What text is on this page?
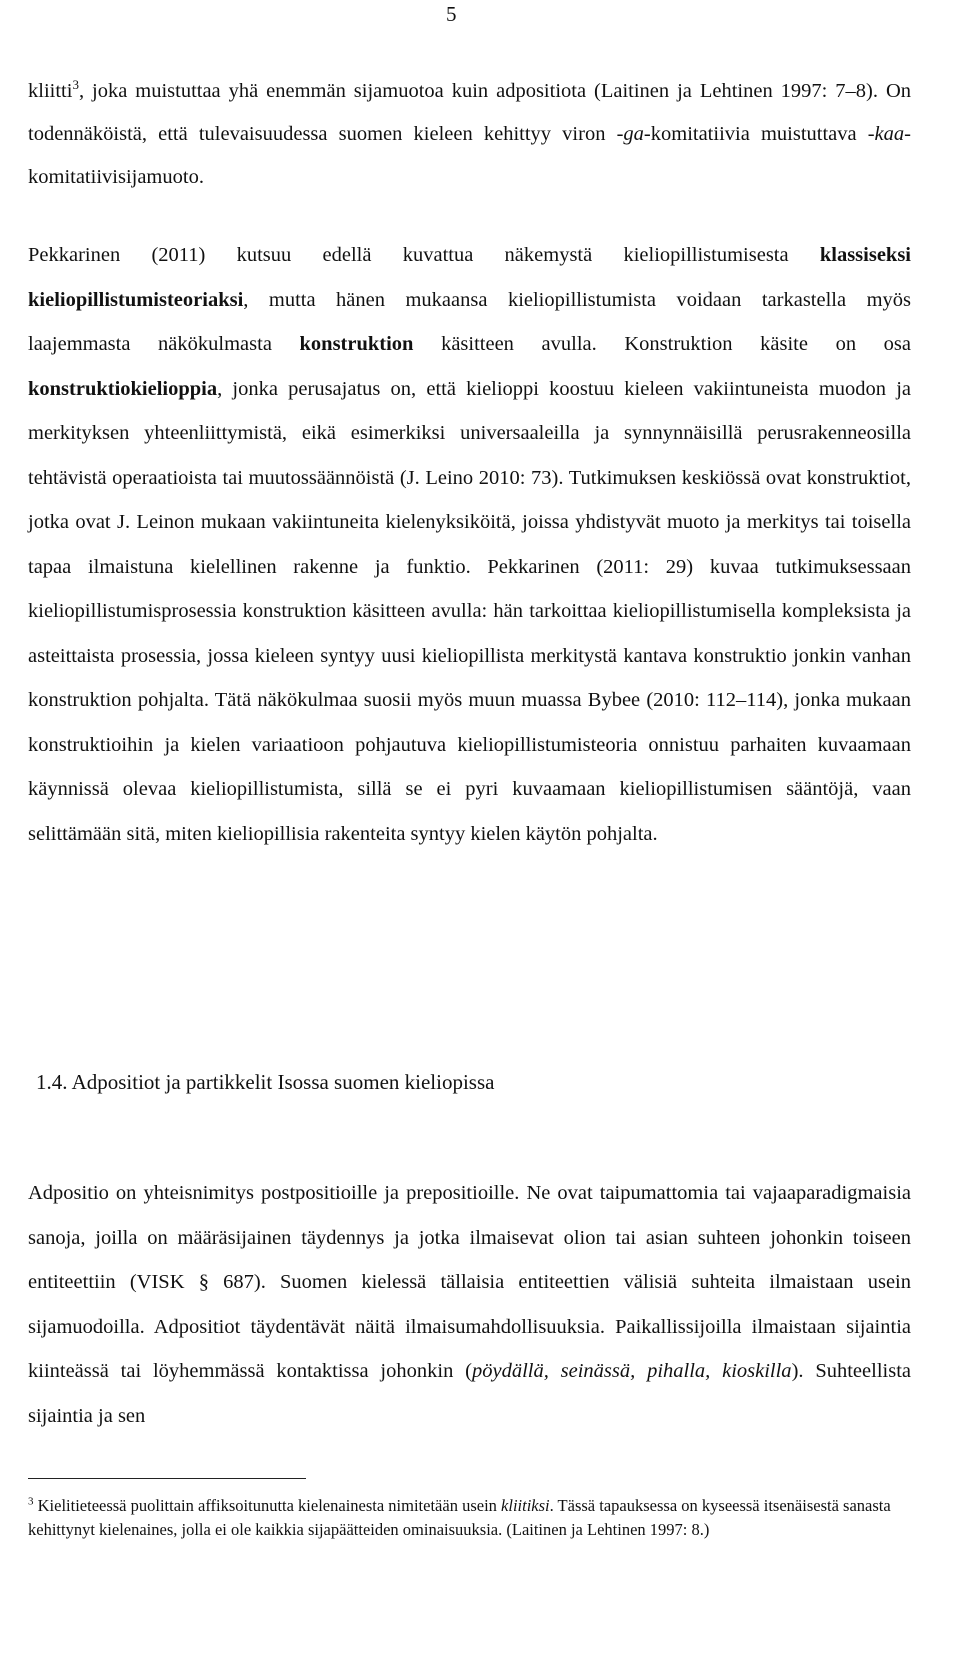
5

kliitti$^3$, joka muistuttaa yhä enemmän sijamuotoa kuin adpositiota (Laitinen ja Lehtinen 1997: 7–8). On todennäköistä, että tulevaisuudessa suomen kieleen kehittyy viron -ga-komitatiivia muistuttava -kaa-komitatiivisijamuoto.

Pekkarinen (2011) kutsuu edellä kuvattua näkemystä kieliopillistumisesta klassiseksi kieliopillistumisteoriaksi, mutta hänen mukaansa kieliopillistumista voidaan tarkastella myös laajemmasta näkökulmasta konstruktion käsitteen avulla. Konstruktion käsite on osa konstruktiokielioppia, jonka perusajatus on, että kielioppi koostuu kieleen vakiintuneista muodon ja merkityksen yhteenliittymistä, eikä esimerkiksi universaaleilla ja synnynnäisillä perusrakenneosilla tehtävistä operaatioista tai muutossäännöistä (J. Leino 2010: 73). Tutkimuksen keskiössä ovat konstruktiot, jotka ovat J. Leinon mukaan vakiintuneita kielenyksiköitä, joissa yhdistyvät muoto ja merkitys tai toisella tapaa ilmaistuna kielellinen rakenne ja funktio. Pekkarinen (2011: 29) kuvaa tutkimuksessaan kieliopillistumisprosessia konstruktion käsitteen avulla: hän tarkoittaa kieliopillistumisella kompleksista ja asteittaista prosessia, jossa kieleen syntyy uusi kieliopillista merkitystä kantava konstruktio jonkin vanhan konstruktion pohjalta. Tätä näkökulmaa suosii myös muun muassa Bybee (2010: 112–114), jonka mukaan konstruktioihin ja kielen variaatioon pohjautuva kieliopillistumisteoria onnistuu parhaiten kuvaamaan käynnissä olevaa kieliopillistumista, sillä se ei pyri kuvaamaan kieliopillistumisen sääntöjä, vaan selittämään sitä, miten kieliopillisia rakenteita syntyy kielen käytön pohjalta.

1.4. Adpositiot ja partikkelit Isossa suomen kieliopissa

Adpositio on yhteisnimitys postpositioille ja prepositioille. Ne ovat taipumattomia tai vajaaparadigmaisia sanoja, joilla on määräsijainen täydennys ja jotka ilmaisevat olion tai asian suhteen johonkin toiseen entiteettiin (VISK § 687). Suomen kielessä tällaisia entiteettien välisiä suhteita ilmaistaan usein sijamuodoilla. Adpositiot täydentävät näitä ilmaisumahdollisuuksia. Paikallissijoilla ilmaistaan sijaintia kiinteässä tai löyhemmässä kontaktissa johonkin (pöydällä, seinässä, pihalla, kioskilla). Suhteellista sijaintia ja sen

$^3$ Kielitieteessä puolittain affiksoitunutta kielenainesta nimitetään usein kliitiksi. Tässä tapauksessa on kyseessä itsenäisestä sanasta kehittynyt kielenaines, jolla ei ole kaikkia sijapäätteiden ominaisuuksia. (Laitinen ja Lehtinen 1997: 8.)
